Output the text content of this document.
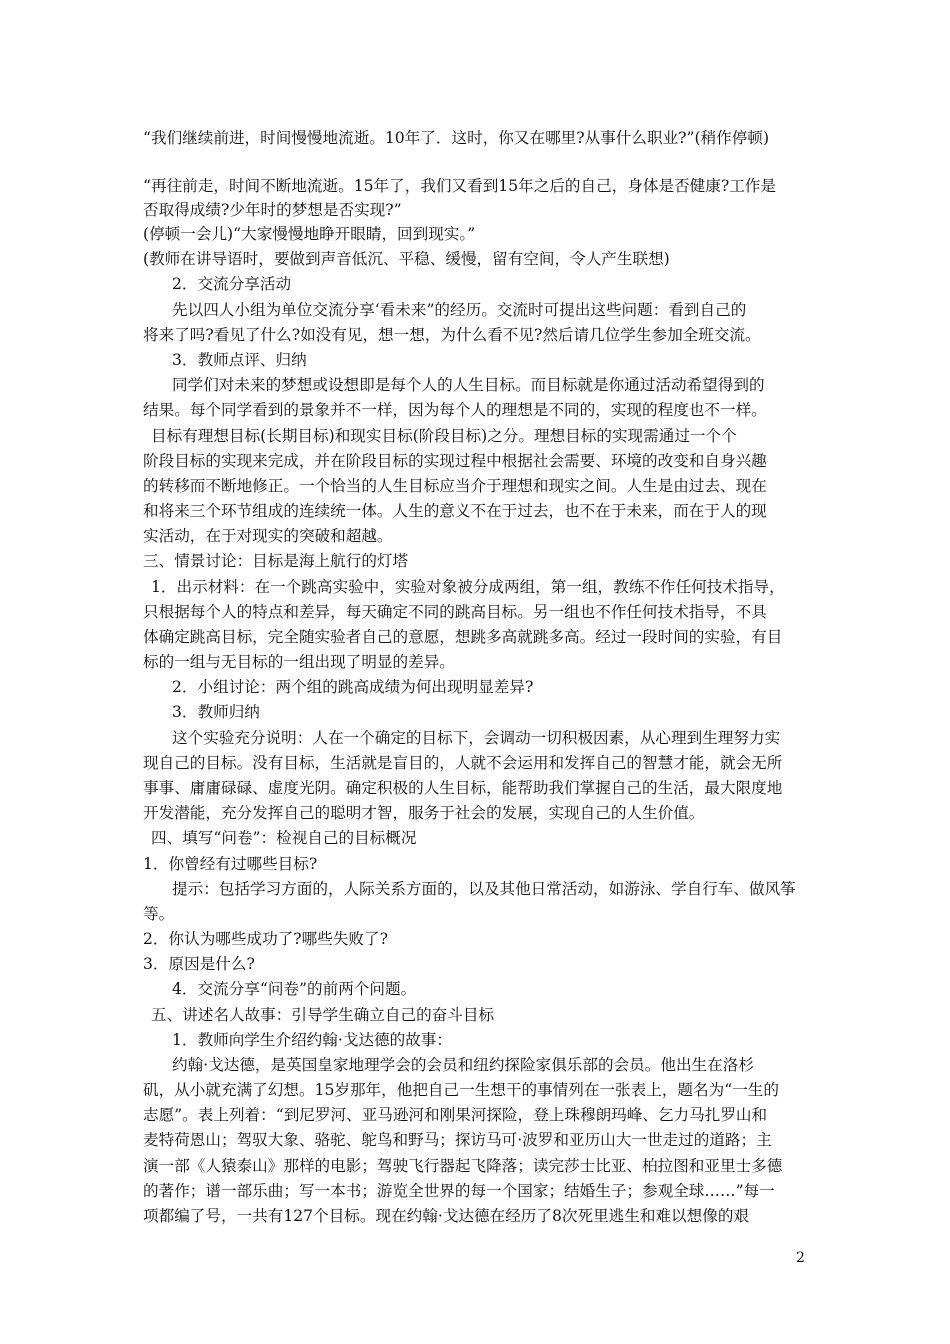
“我们继续前进，时间慢慢地流逝。10年了．这时，你又在哪里?从事什么职业?”(稍作停顿)
“再往前走，时间不断地流逝。15年了，我们又看到15年之后的自己，身体是否健康?工作是
否取得成绩?少年时的梦想是否实现?”
(停顿一会儿)“大家慢慢地睁开眼睛，回到现实。”
(教师在讲导语时，要做到声音低沉、平稳、缓慢，留有空间，令人产生联想)
2．交流分享活动
先以四人小组为单位交流分享‘看未来”的经历。交流时可提出这些问题：看到自己的
将来了吗?看见了什么?如没有见，想一想，为什么看不见?然后请几位学生参加全班交流。
3．教师点评、归纳
同学们对未来的梦想或设想即是每个人的人生目标。而目标就是你通过活动希望得到的
结果。每个同学看到的景象并不一样，因为每个人的理想是不同的，实现的程度也不一样。
目标有理想目标(长期目标)和现实目标(阶段目标)之分。理想目标的实现需通过一个个
阶段目标的实现来完成，并在阶段目标的实现过程中根据社会需要、环境的改变和自身兴趣
的转移而不断地修正。一个恰当的人生目标应当介于理想和现实之间。人生是由过去、现在
和将来三个环节组成的连续统一体。人生的意义不在于过去，也不在于未来，而在于人的现
实活动，在于对现实的突破和超越。
三、情景讨论：目标是海上航行的灯塔
1．出示材料：在一个跳高实验中，实验对象被分成两组，第一组，教练不作任何技术指导，
只根据每个人的特点和差异，每天确定不同的跳高目标。另一组也不作任何技术指导，不具
体确定跳高目标，完全随实验者自己的意愿，想跳多高就跳多高。经过一段时间的实验，有目
标的一组与无目标的一组出现了明显的差异。
2．小组讨论：两个组的跳高成绩为何出现明显差异?
3．教师归纳
这个实验充分说明：人在一个确定的目标下，会调动一切积极因素，从心理到生理努力实
现自己的目标。没有目标，生活就是盲目的，人就不会运用和发挥自己的智慧才能，就会无所
事事、庸庸碌碌、虚度光阴。确定积极的人生目标，能帮助我们掌握自己的生活，最大限度地
开发潜能，充分发挥自己的聪明才智，服务于社会的发展，实现自己的人生价值。
四、填写“问卷”：检视自己的目标概况
1．你曾经有过哪些目标?
提示：包括学习方面的，人际关系方面的，以及其他日常活动，如游泳、学自行车、做风筝
等。
2．你认为哪些成功了?哪些失败了?
3．原因是什么?
4．交流分享“问卷”的前两个问题。
五、讲述名人故事：引导学生确立自己的奋斗目标
1．教师向学生介绍约翰·戈达德的故事：
约翰·戈达德，是英国皇家地理学会的会员和纽约探险家俱乐部的会员。他出生在洛杉
矶，从小就充满了幻想。15岁那年，他把自己一生想干的事情列在一张表上，题名为“一生的
志愿”。表上列着：“到尼罗河、亚马逊河和刚果河探险，登上珠穆朗玛峰、乞力马扎罗山和
麦特荷恩山；驾驭大象、骆驼、鸵鸟和野马；探访马可·波罗和亚历山大一世走过的道路；主
演一部《人猿泰山》那样的电影；驾驶飞行器起飞降落；读完莎士比亚、柏拉图和亚里士多德
的著作；谱一部乐曲；写一本书；游览全世界的每一个国家；结婚生子；参观全球……”每一
项都编了号，一共有127个目标。现在约翰·戈达德在经历了8次死里逃生和难以想像的艰
2
